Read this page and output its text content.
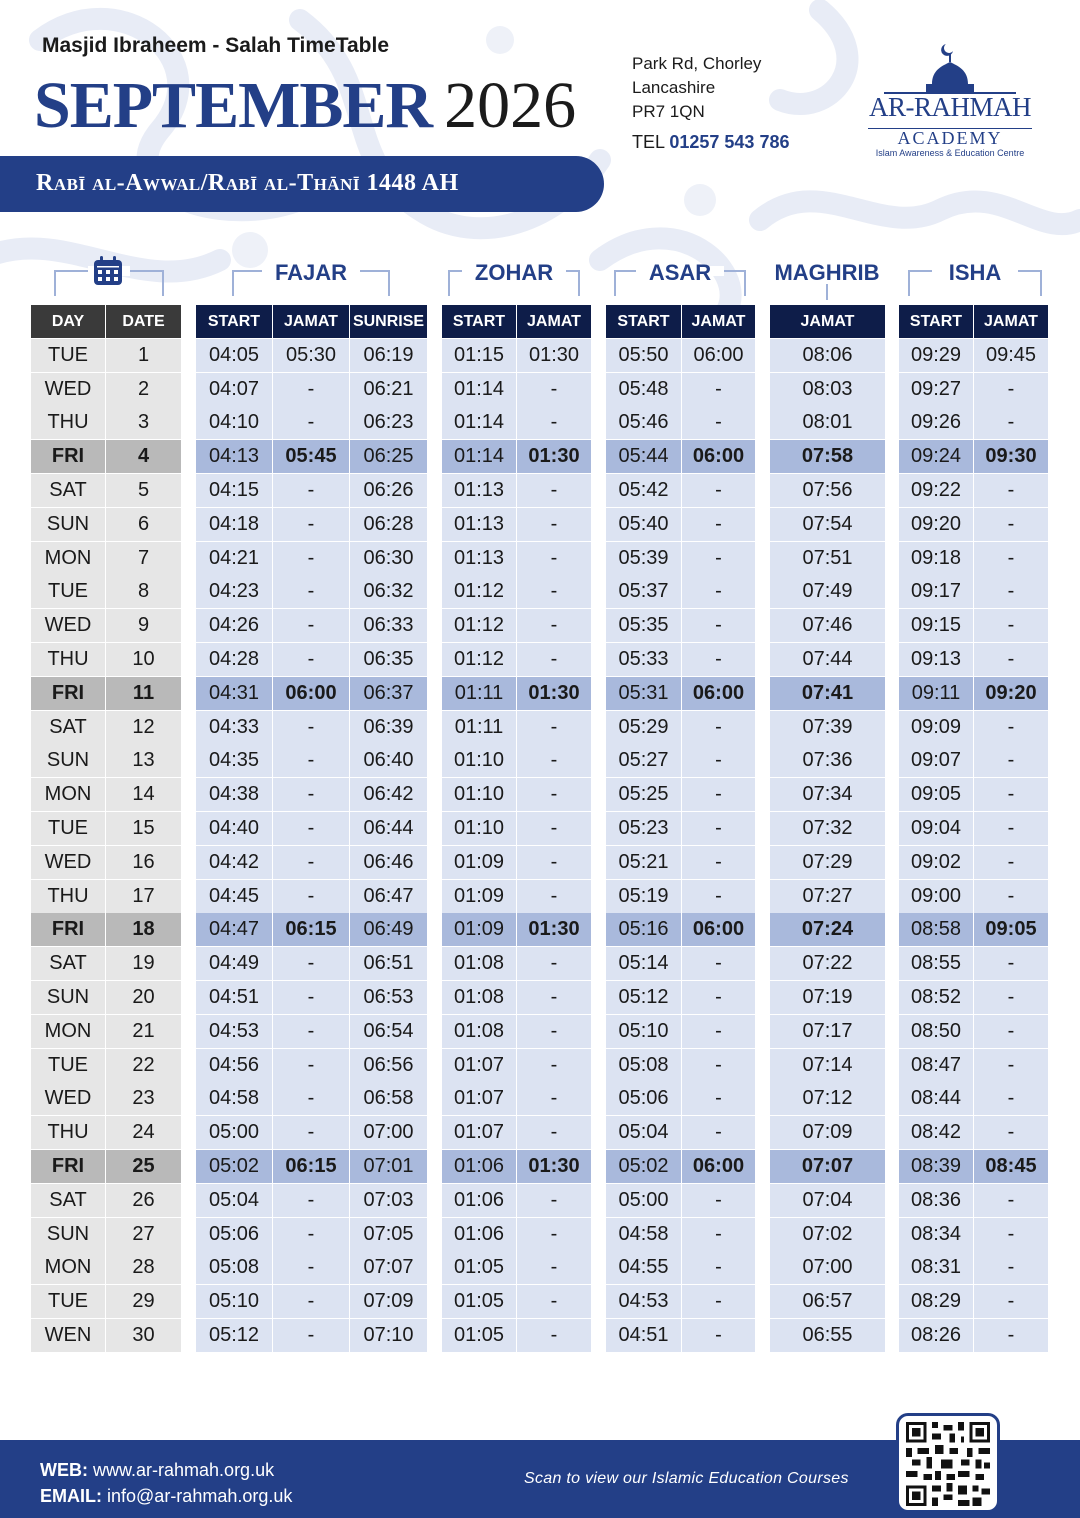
Masjid Ibraheem - Salah TimeTable
SEPTEMBER 2026
Rabī al-Awwal/Rabī al-Thānī 1448 AH
Park Rd, Chorley
Lancashire
PR7 1QN
TEL 01257 543 786
AR-RAHMAH
ACADEMY
Islam Awareness & Education Centre
FAJAR	ZOHAR	ASAR	MAGHRIB	ISHA
DAY	DATE	START	JAMAT SUNRISE	START	JAMAT	START	JAMAT	JAMAT	START	JAMAT
TUE	1	04:05	05:30	06:19	01:15	01:30	05:50	06:00	08:06	09:29	09:45
WED	2	04:07	-	06:21	01:14	-	05:48	-	08:03	09:27	-
THU	3	04:10	-	06:23	01:14	-	05:46	-	08:01	09:26	-
FRI	4	04:13	05:45	06:25	01:14	01:30	05:44	06:00	07:58	09:24	09:30
SAT	5	04:15	-	06:26	01:13	-	05:42	-	07:56	09:22	-
SUN	6	04:18	-	06:28	01:13	-	05:40	-	07:54	09:20	-
MON	7	04:21	-	06:30	01:13	-	05:39	-	07:51	09:18	-
TUE	8	04:23	-	06:32	01:12	-	05:37	-	07:49	09:17	-
WED	9	04:26	-	06:33	01:12	-	05:35	-	07:46	09:15	-
THU	10	04:28	-	06:35	01:12	-	05:33	-	07:44	09:13	-
FRI	11	04:31	06:00	06:37	01:11	01:30	05:31	06:00	07:41	09:11	09:20
SAT	12	04:33	-	06:39	01:11	-	05:29	-	07:39	09:09	-
SUN	13	04:35	-	06:40	01:10	-	05:27	-	07:36	09:07	-
MON	14	04:38	-	06:42	01:10	-	05:25	-	07:34	09:05	-
TUE	15	04:40	-	06:44	01:10	-	05:23	-	07:32	09:04	-
WED	16	04:42	-	06:46	01:09	-	05:21	-	07:29	09:02	-
THU	17	04:45	-	06:47	01:09	-	05:19	-	07:27	09:00	-
FRI	18	04:47	06:15	06:49	01:09	01:30	05:16	06:00	07:24	08:58	09:05
SAT	19	04:49	-	06:51	01:08	-	05:14	-	07:22	08:55	-
SUN	20	04:51	-	06:53	01:08	-	05:12	-	07:19	08:52	-
MON	21	04:53	-	06:54	01:08	-	05:10	-	07:17	08:50	-
TUE	22	04:56	-	06:56	01:07	-	05:08	-	07:14	08:47	-
WED	23	04:58	-	06:58	01:07	-	05:06	-	07:12	08:44	-
THU	24	05:00	-	07:00	01:07	-	05:04	-	07:09	08:42	-
FRI	25	05:02	06:15	07:01	01:06	01:30	05:02	06:00	07:07	08:39	08:45
SAT	26	05:04	-	07:03	01:06	-	05:00	-	07:04	08:36	-
SUN	27	05:06	-	07:05	01:06	-	04:58	-	07:02	08:34	-
MON	28	05:08	-	07:07	01:05	-	04:55	-	07:00	08:31	-
TUE	29	05:10	-	07:09	01:05	-	04:53	-	06:57	08:29	-
WEN	30	05:12	-	07:10	01:05	-	04:51	-	06:55	08:26	-
WEB: www.ar-rahmah.org.uk
EMAIL: info@ar-rahmah.org.uk
Scan to view our Islamic Education Courses
